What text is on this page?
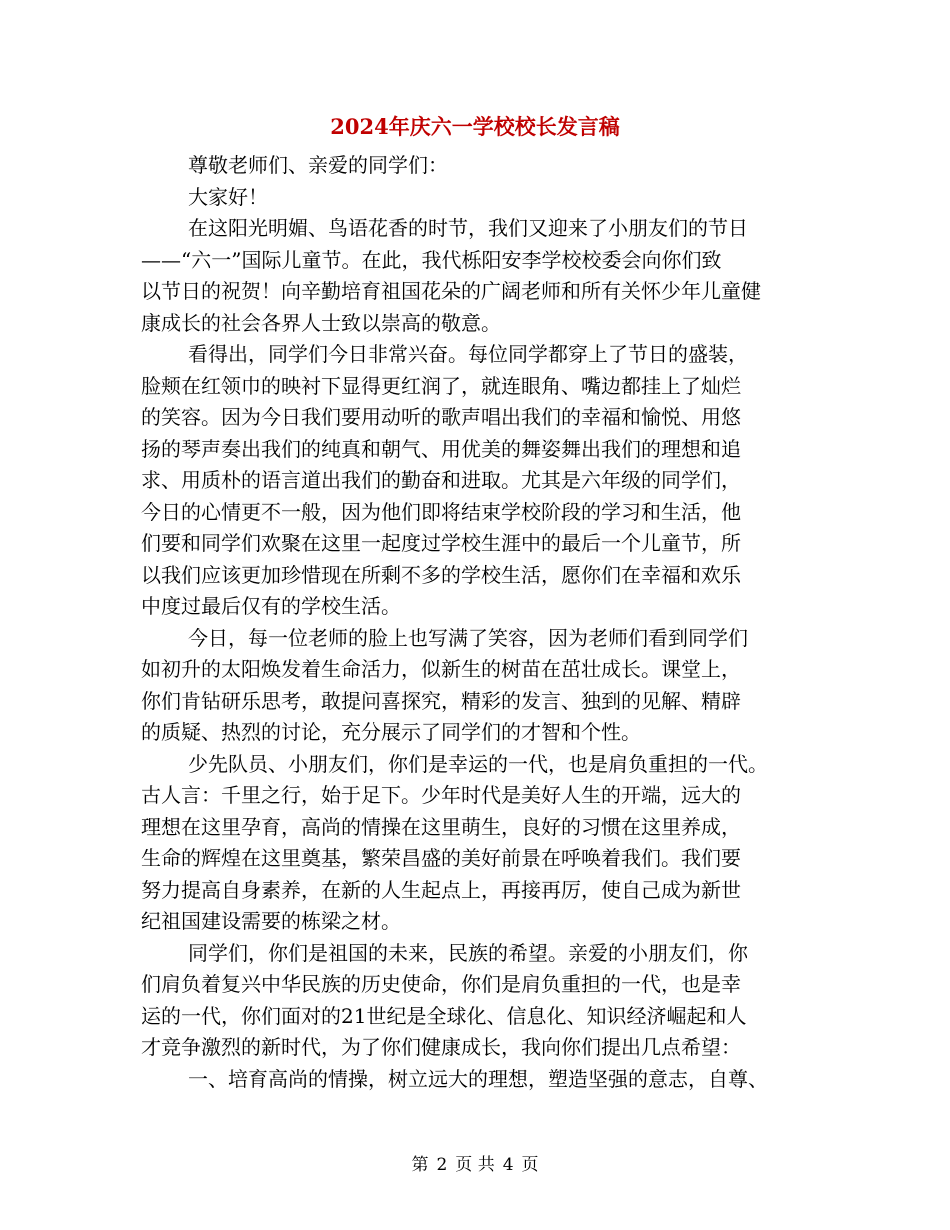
2024年庆六一学校校长发言稿
尊敬老师们、亲爱的同学们：
大家好！
在这阳光明媚、鸟语花香的时节，我们又迎来了小朋友们的节日
——“六一”国际儿童节。在此，我代栎阳安李学校校委会向你们致
以节日的祝贺！向辛勤培育祖国花朵的广阔老师和所有关怀少年儿童健
康成长的社会各界人士致以崇高的敬意。
看得出，同学们今日非常兴奋。每位同学都穿上了节日的盛装，
脸颊在红领巾的映衬下显得更红润了，就连眼角、嘴边都挂上了灿烂
的笑容。因为今日我们要用动听的歌声唱出我们的幸福和愉悦、用悠
扬的琴声奏出我们的纯真和朝气、用优美的舞姿舞出我们的理想和追
求、用质朴的语言道出我们的勤奋和进取。尤其是六年级的同学们，
今日的心情更不一般，因为他们即将结束学校阶段的学习和生活，他
们要和同学们欢聚在这里一起度过学校生涯中的最后一个儿童节，所
以我们应该更加珍惜现在所剩不多的学校生活，愿你们在幸福和欢乐
中度过最后仅有的学校生活。
今日，每一位老师的脸上也写满了笑容，因为老师们看到同学们
如初升的太阳焕发着生命活力，似新生的树苗在茁壮成长。课堂上，
你们肯钻研乐思考，敢提问喜探究，精彩的发言、独到的见解、精辟
的质疑、热烈的讨论，充分展示了同学们的才智和个性。
少先队员、小朋友们，你们是幸运的一代，也是肩负重担的一代。
古人言：千里之行，始于足下。少年时代是美好人生的开端，远大的
理想在这里孕育，高尚的情操在这里萌生，良好的习惯在这里养成，
生命的辉煌在这里奠基，繁荣昌盛的美好前景在呼唤着我们。我们要
努力提高自身素养，在新的人生起点上，再接再厉，使自己成为新世
纪祖国建设需要的栋梁之材。
同学们，你们是祖国的未来，民族的希望。亲爱的小朋友们，你
们肩负着复兴中华民族的历史使命，你们是肩负重担的一代，也是幸
运的一代，你们面对的21世纪是全球化、信息化、知识经济崛起和人
才竞争激烈的新时代，为了你们健康成长，我向你们提出几点希望：
一、培育高尚的情操，树立远大的理想，塑造坚强的意志，自尊、
第 2 页 共 4 页
